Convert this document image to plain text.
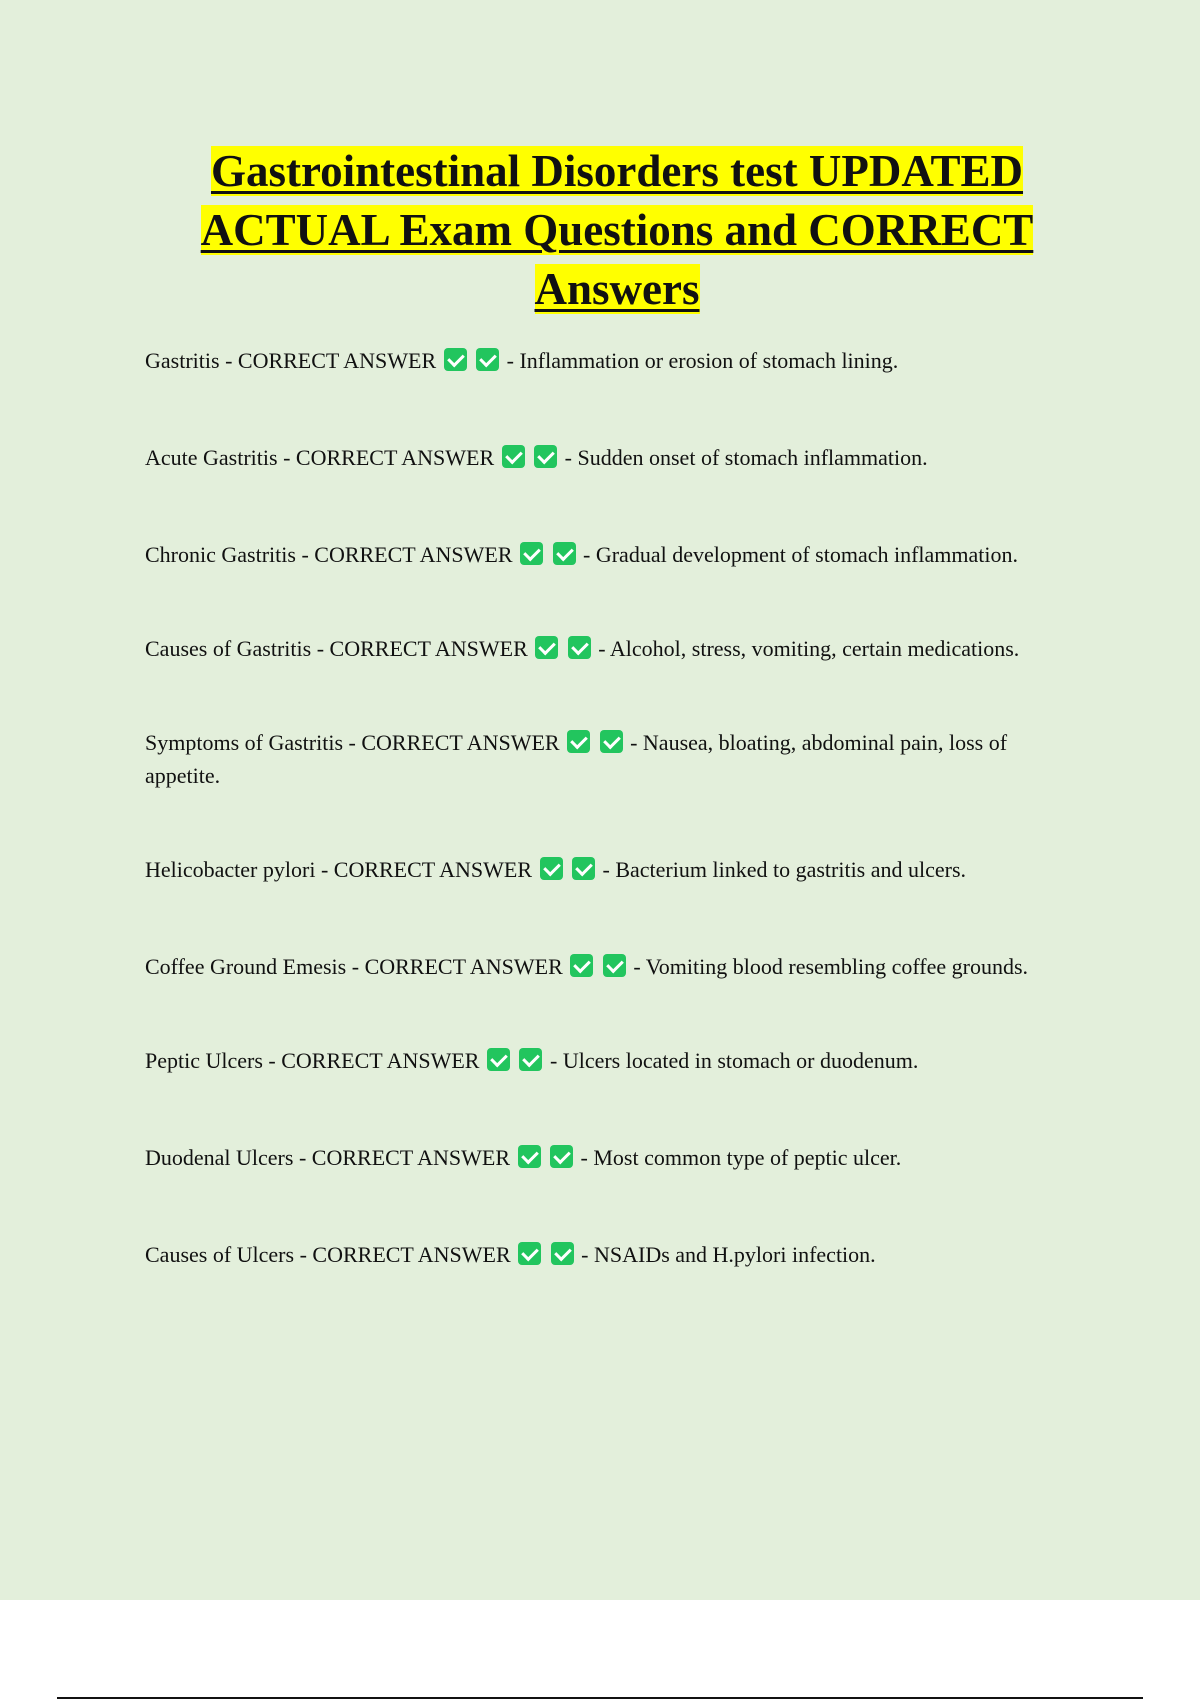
Gastrointestinal Disorders test UPDATED
ACTUAL Exam Questions and CORRECT
Answers

Gastritis - CORRECT ANSWER	- Inflammation or erosion of stomach lining.

Acute Gastritis - CORRECT ANSWER	- Sudden onset of stomach inflammation.

Chronic Gastritis - CORRECT ANSWER	- Gradual development of stomach inflammation.

Causes of Gastritis - CORRECT ANSWER	- Alcohol, stress, vomiting, certain medications.

Symptoms of Gastritis - CORRECT ANSWER	- Nausea, bloating, abdominal pain, loss of appetite.

Helicobacter pylori - CORRECT ANSWER	- Bacterium linked to gastritis and ulcers.

Coffee Ground Emesis - CORRECT ANSWER	- Vomiting blood resembling coffee grounds.

Peptic Ulcers - CORRECT ANSWER	- Ulcers located in stomach or duodenum.

Duodenal Ulcers - CORRECT ANSWER	- Most common type of peptic ulcer.

Causes of Ulcers - CORRECT ANSWER	- NSAIDs and H.pylori infection.
